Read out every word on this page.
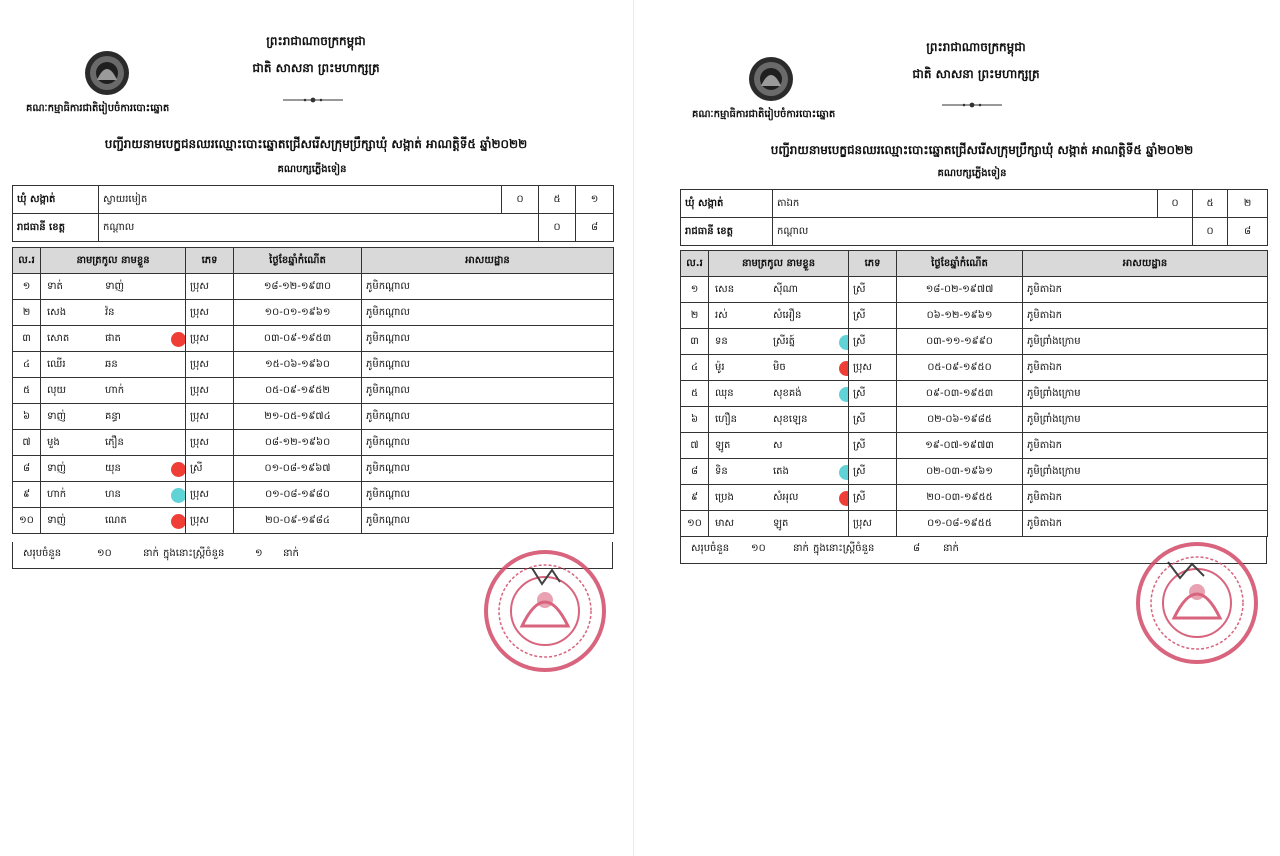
ព្រះរាជាណាចក្រកម្ពុជា
ជាតិ សាសនា ព្រះមហាក្សត្រ
គណៈកម្មាធិការជាតិរៀបចំការបោះឆ្នោត
បញ្ជីរាយនាមបេក្ខជនឈរឈ្មោះបោះឆ្នោតជ្រើសរើសក្រុមប្រឹក្សាឃុំ សង្កាត់ អាណត្តិទី៥ ឆ្នាំ២០២២
គណបក្សភ្លើងទៀន
ឃុំ សង្កាត់	ស្វាយរមៀត	០	៥	១
រាជធានី ខេត្ត	កណ្ដាល		០	៨
ល.រ	នាមត្រកូល នាមខ្លួន	ភេទ	ថ្ងៃខែឆ្នាំកំណើត	អាសយដ្ឋាន
១	ទាត់ ទាញ់	ប្រុស	១៨-១២-១៩៣០	ភូមិកណ្ដាល
២	សេង វ៉ន	ប្រុស	១០-០១-១៩៦១	ភូមិកណ្ដាល
៣	សោត ផាត	ប្រុស	០៣-០៩-១៩៥៣	ភូមិកណ្ដាល
៤	ឈើរ ឆន	ប្រុស	១៥-០៦-១៩៦០	ភូមិកណ្ដាល
៥	លុយ ហាក់	ប្រុស	០៥-០៩-១៩៥២	ភូមិកណ្ដាល
៦	ទាញ់ គន្ធា	ប្រុស	២១-០៥-១៩៧៤	ភូមិកណ្ដាល
៧	មួង ភឿន	ប្រុស	០៨-១២-១៩៦០	ភូមិកណ្ដាល
៨	ទាញ់ យុន	ស្រី	០១-០៨-១៩៦៧	ភូមិកណ្ដាល
៩	ហាក់ ហន	ប្រុស	០១-០៨-១៩៨០	ភូមិកណ្ដាល
១០	ទាញ់ ណេត	ប្រុស	២០-០៩-១៩៨៤	ភូមិកណ្ដាល
សរុបចំនួន	១០	នាក់ ក្នុងនោះស្ត្រីចំនួន	១ នាក់
ព្រះរាជាណាចក្រកម្ពុជា
ជាតិ សាសនា ព្រះមហាក្សត្រ
គណៈកម្មាធិការជាតិរៀបចំការបោះឆ្នោត
បញ្ជីរាយនាមបេក្ខជនឈរឈ្មោះបោះឆ្នោតជ្រើសរើសក្រុមប្រឹក្សាឃុំ សង្កាត់ អាណត្តិទី៥ ឆ្នាំ២០២២
គណបក្សភ្លើងទៀន
ឃុំ សង្កាត់	តាឯក	០	៥	២
រាជធានី ខេត្ត	កណ្ដាល		០	៨
ល.រ	នាមត្រកូល នាមខ្លួន	ភេទ	ថ្ងៃខែឆ្នាំកំណើត	អាសយដ្ឋាន
១	សេន ស៊ីណា	ស្រី	១៨-០២-១៩៧៧	ភូមិតាឯក
២	រស់ សំអឿន	ស្រី	០៦-១២-១៩៦១	ភូមិតាឯក
៣	ទន ស្រីរត្ន៍	ស្រី	០៣-១១-១៩៩០	ភូមិព្រាំងក្រោម
៤	ម៉ូរ មិច	ប្រុស	០៥-០៩-១៩៥០	ភូមិតាឯក
៥	ឈុន សុខគង់	ស្រី	០៩-០៣-១៩៥៣	ភូមិព្រាំងក្រោម
៦	ហឿន សុខឡេន	ស្រី	០២-០៦-១៩៨៥	ភូមិព្រាំងក្រោម
៧	ឡូត ស	ស្រី	១៩-០៧-១៩៧៣	ភូមិតាឯក
៨	ទិន តេង	ស្រី	០២-០៣-១៩៦១	ភូមិព្រាំងក្រោម
៩	ប្រេង សំអុល	ស្រី	២០-០៣-១៩៥៥	ភូមិតាឯក
១០	មាស ឡូត	ប្រុស	០១-០៨-១៩៥៥	ភូមិតាឯក
សរុបចំនួន ១០	នាក់ ក្នុងនោះស្ត្រីចំនួន	៨ នាក់
